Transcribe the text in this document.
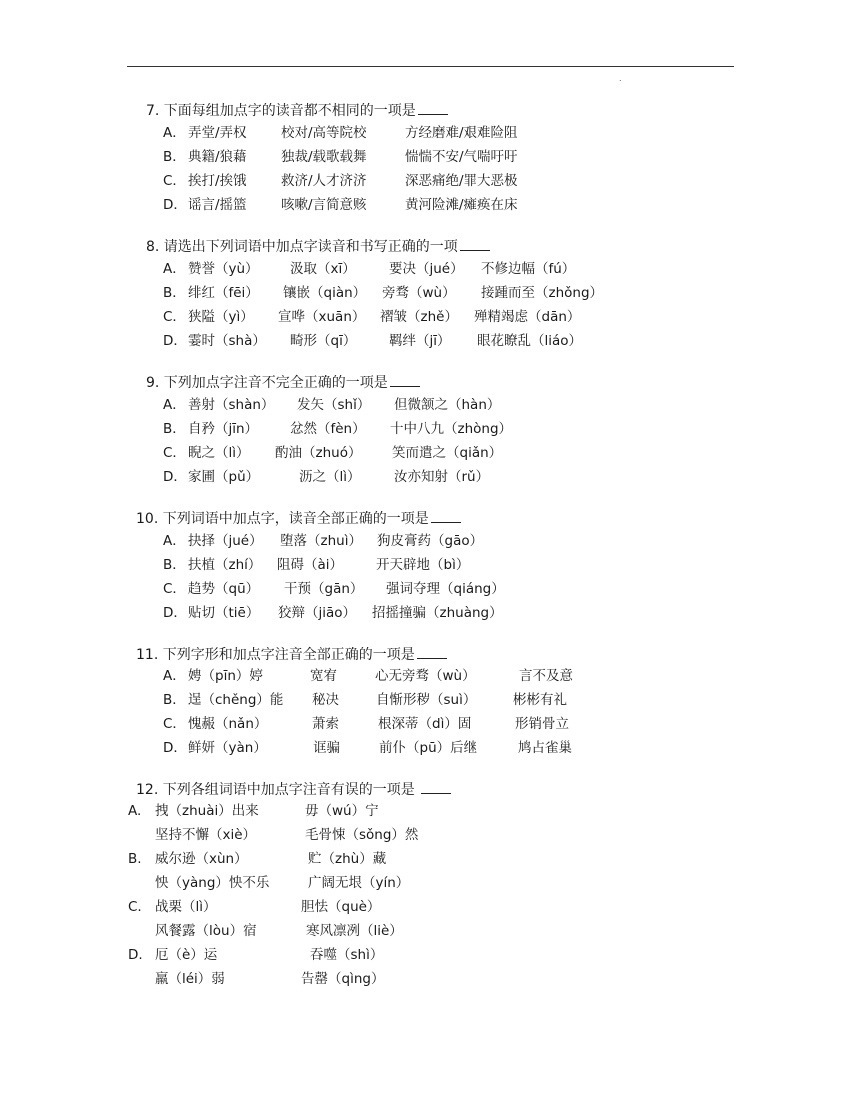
.
7. 下面每组加点字的读音都不相同的一项是
A． 弄堂/弄权	校对/高等院校	方经磨难/艰难险阻
B． 典籍/狼藉	独裁/载歌载舞	惴惴不安/气喘吁吁
C． 挨打/挨饿	救济/人才济济	深恶痛绝/罪大恶极
D． 谣言/摇篮	咳嗽/言简意赅	黄河险滩/瘫痪在床
8. 请选出下列词语中加点字读音和书写正确的一项
A． 赞誉（yù） 汲取（xī） 要决（jué） 不修边幅（fú）
B． 绯红（fēi） 镶嵌（qiàn） 旁骛（wù） 接踵而至（zhǒng）
C． 狭隘（yì） 宣哗（xuān） 褶皱（zhě） 殚精竭虑（dān）
D． 霎时（shà） 畸形（qī） 羁绊（jī） 眼花瞭乱（liáo）
9. 下列加点字注音不完全正确的一项是
A． 善射（shàn） 发矢（shǐ） 但微颔之（hàn）
B． 自矜（jīn） 忿然（fèn） 十中八九（zhòng）
C． 睨之（lì） 酌油（zhuó） 笑而遣之（qiǎn）
D． 家圃（pǔ）	沥之（lì） 汝亦知射（rǔ）
10. 下列词语中加点字，读音全部正确的一项是
A． 抉择（jué） 堕落（zhuì） 狗皮膏药（gāo）
B． 扶植（zhí） 阻碍（ài） 开天辟地（bì）
C． 趋势（qū） 干预（gān） 强词夺理（qiáng）
D． 贴切（tiē） 狡辩（jiāo） 招摇撞骗（zhuàng）
11. 下列字形和加点字注音全部正确的一项是
A． 娉（pīn）婷	宽宥	心无旁骛（wù）	言不及意
B． 逞（chěng）能 秘决	自惭形秽（suì）	彬彬有礼
C． 愧赧（nǎn）	萧索	根深蒂（dì）固	形销骨立
D． 鲜妍（yàn）	诓骗	前仆（pū）后继	鸠占雀巢
12. 下列各组词语中加点字注音有误的一项是
A. 拽（zhuài）出来	毋（wú）宁
坚持不懈（xiè）	毛骨悚（sǒng）然
B. 威尔逊（xùn）	贮（zhù）藏
怏（yàng）怏不乐	广阔无垠（yín）
C. 战栗（lì）	胆怯（què）
风餐露（lòu）宿	寒风凛冽（liè）
D. 厄（è）运	吞噬（shì）
羸（léi）弱	告罄（qìng）
